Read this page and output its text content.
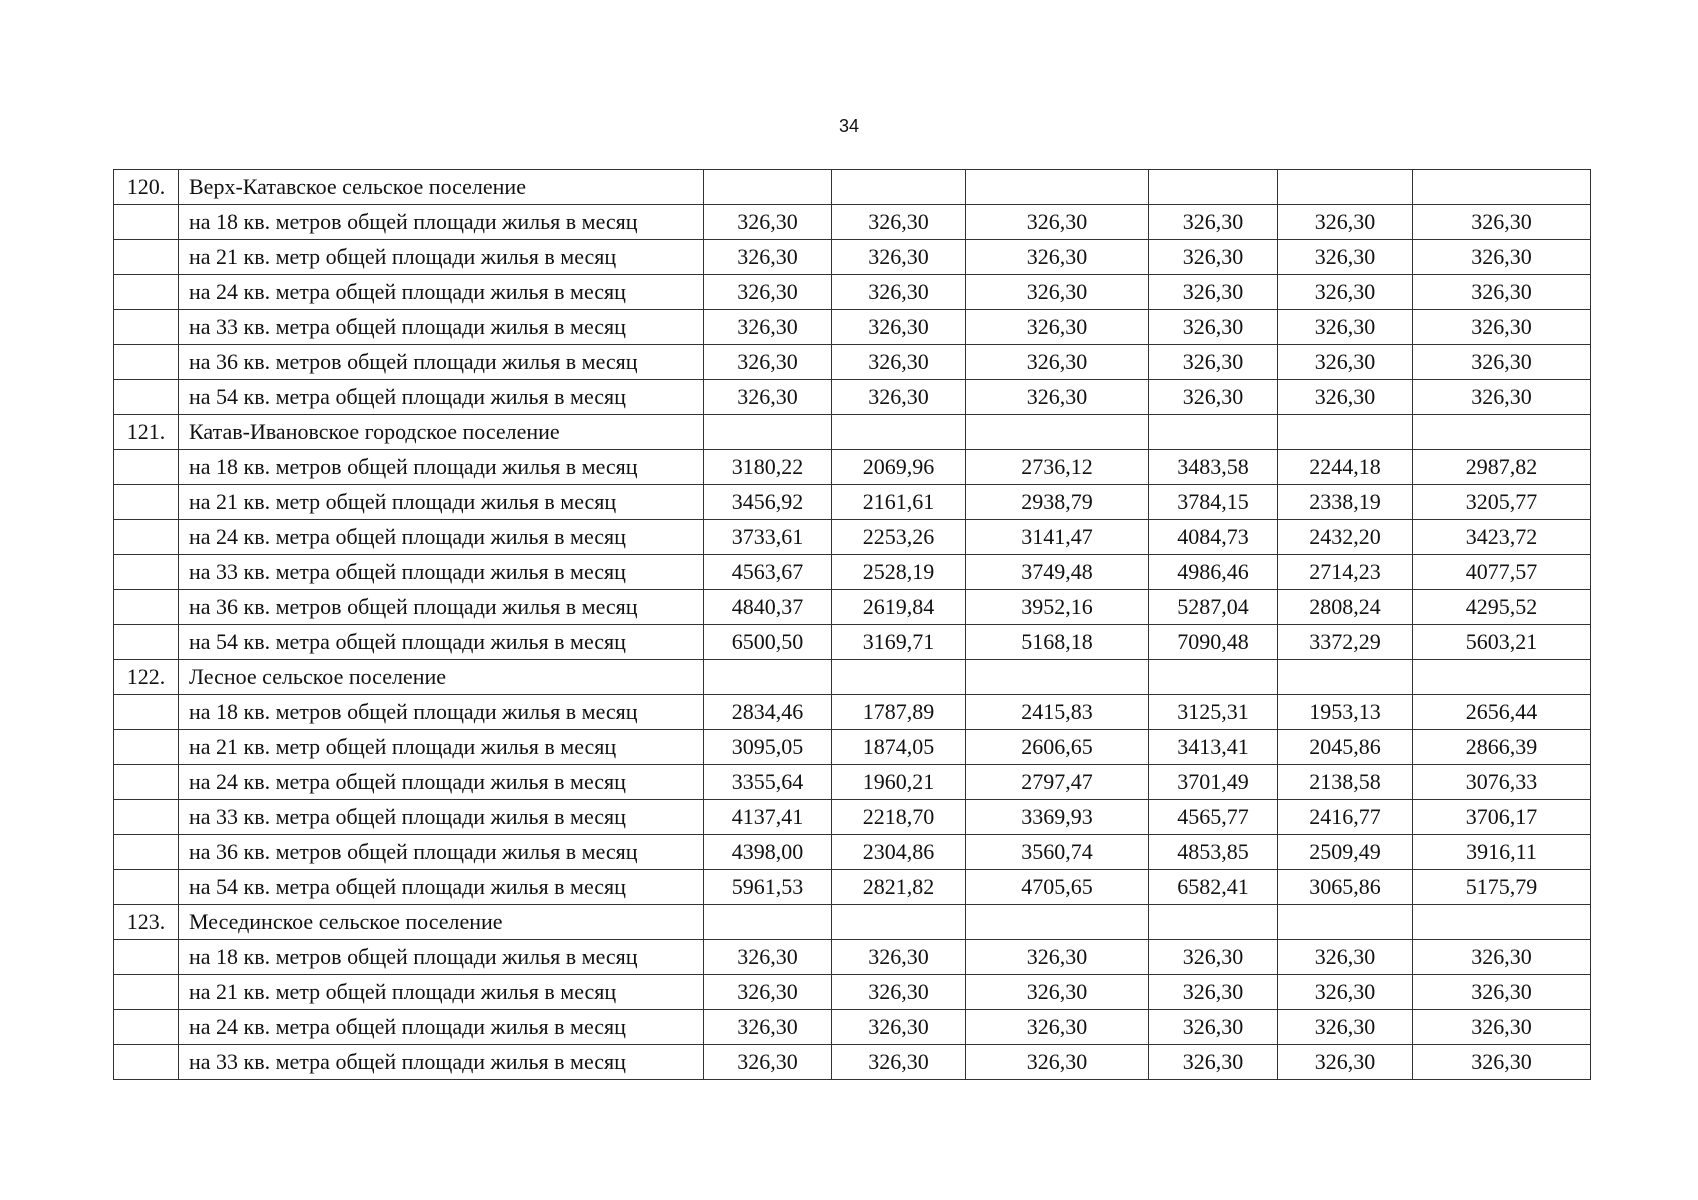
34
120.	Верх-Катавское сельское поселение						
	на 18 кв. метров общей площади жилья в месяц	326,30	326,30	326,30	326,30	326,30	326,30
	на 21 кв. метр общей площади жилья в месяц	326,30	326,30	326,30	326,30	326,30	326,30
	на 24 кв. метра общей площади жилья в месяц	326,30	326,30	326,30	326,30	326,30	326,30
	на 33 кв. метра общей площади жилья в месяц	326,30	326,30	326,30	326,30	326,30	326,30
	на 36 кв. метров общей площади жилья в месяц	326,30	326,30	326,30	326,30	326,30	326,30
	на 54 кв. метра общей площади жилья в месяц	326,30	326,30	326,30	326,30	326,30	326,30
121.	Катав-Ивановское городское поселение						
	на 18 кв. метров общей площади жилья в месяц	3180,22	2069,96	2736,12	3483,58	2244,18	2987,82
	на 21 кв. метр общей площади жилья в месяц	3456,92	2161,61	2938,79	3784,15	2338,19	3205,77
	на 24 кв. метра общей площади жилья в месяц	3733,61	2253,26	3141,47	4084,73	2432,20	3423,72
	на 33 кв. метра общей площади жилья в месяц	4563,67	2528,19	3749,48	4986,46	2714,23	4077,57
	на 36 кв. метров общей площади жилья в месяц	4840,37	2619,84	3952,16	5287,04	2808,24	4295,52
	на 54 кв. метра общей площади жилья в месяц	6500,50	3169,71	5168,18	7090,48	3372,29	5603,21
122.	Лесное сельское поселение						
	на 18 кв. метров общей площади жилья в месяц	2834,46	1787,89	2415,83	3125,31	1953,13	2656,44
	на 21 кв. метр общей площади жилья в месяц	3095,05	1874,05	2606,65	3413,41	2045,86	2866,39
	на 24 кв. метра общей площади жилья в месяц	3355,64	1960,21	2797,47	3701,49	2138,58	3076,33
	на 33 кв. метра общей площади жилья в месяц	4137,41	2218,70	3369,93	4565,77	2416,77	3706,17
	на 36 кв. метров общей площади жилья в месяц	4398,00	2304,86	3560,74	4853,85	2509,49	3916,11
	на 54 кв. метра общей площади жилья в месяц	5961,53	2821,82	4705,65	6582,41	3065,86	5175,79
123.	Месединское сельское поселение						
	на 18 кв. метров общей площади жилья в месяц	326,30	326,30	326,30	326,30	326,30	326,30
	на 21 кв. метр общей площади жилья в месяц	326,30	326,30	326,30	326,30	326,30	326,30
	на 24 кв. метра общей площади жилья в месяц	326,30	326,30	326,30	326,30	326,30	326,30
	на 33 кв. метра общей площади жилья в месяц	326,30	326,30	326,30	326,30	326,30	326,30
